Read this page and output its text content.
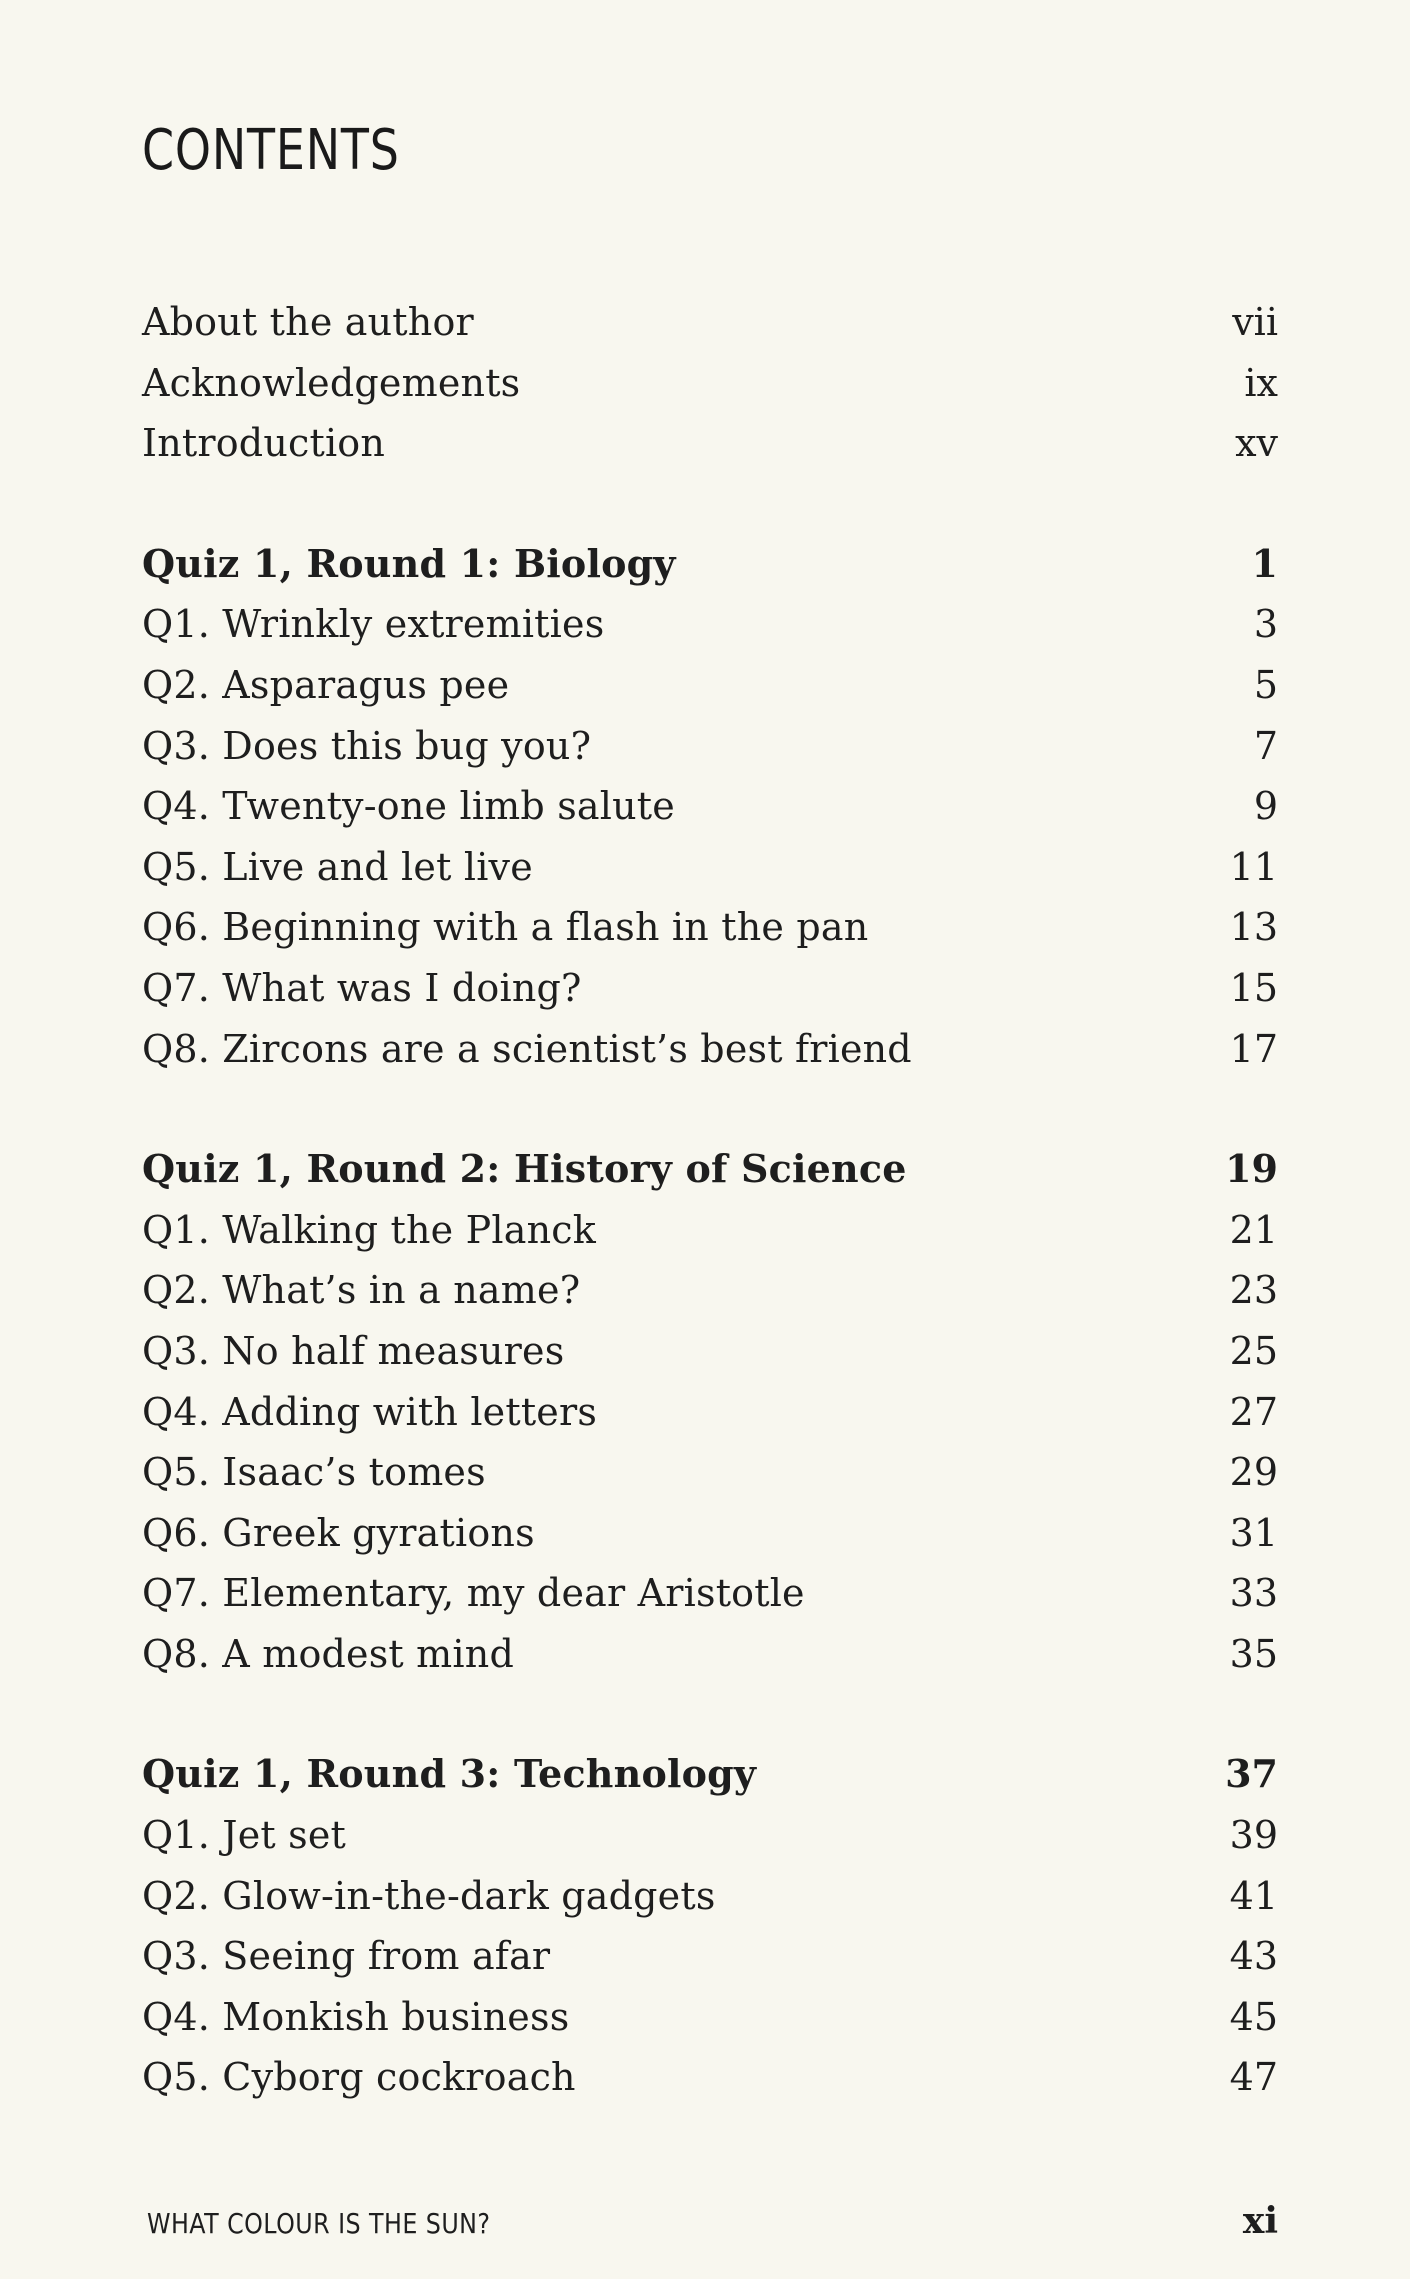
CONTENTS
About the author	vii
Acknowledgements	ix
Introduction	xv
Quiz 1, Round 1: Biology	1
Q1. Wrinkly extremities	3
Q2. Asparagus pee	5
Q3. Does this bug you?	7
Q4. Twenty-one limb salute	9
Q5. Live and let live	11
Q6. Beginning with a flash in the pan	13
Q7. What was I doing?	15
Q8. Zircons are a scientist’s best friend	17
Quiz 1, Round 2: History of Science	19
Q1. Walking the Planck	21
Q2. What’s in a name?	23
Q3. No half measures	25
Q4. Adding with letters	27
Q5. Isaac’s tomes	29
Q6. Greek gyrations	31
Q7. Elementary, my dear Aristotle	33
Q8. A modest mind	35
Quiz 1, Round 3: Technology	37
Q1. Jet set	39
Q2. Glow-in-the-dark gadgets	41
Q3. Seeing from afar	43
Q4. Monkish business	45
Q5. Cyborg cockroach	47
WHAT COLOUR IS THE SUN?	xi
